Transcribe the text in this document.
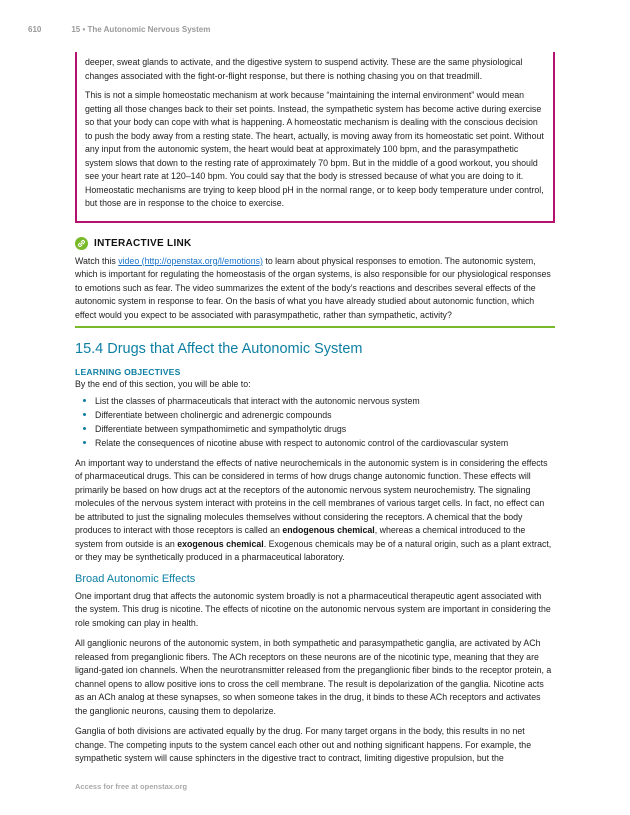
610	15 • The Autonomic Nervous System

deeper, sweat glands to activate, and the digestive system to suspend activity. These are the same physiological changes associated with the fight-or-flight response, but there is nothing chasing you on that treadmill.

This is not a simple homeostatic mechanism at work because “maintaining the internal environment” would mean getting all those changes back to their set points. Instead, the sympathetic system has become active during exercise so that your body can cope with what is happening. A homeostatic mechanism is dealing with the conscious decision to push the body away from a resting state. The heart, actually, is moving away from its homeostatic set point. Without any input from the autonomic system, the heart would beat at approximately 100 bpm, and the parasympathetic system slows that down to the resting rate of approximately 70 bpm. But in the middle of a good workout, you should see your heart rate at 120–140 bpm. You could say that the body is stressed because of what you are doing to it. Homeostatic mechanisms are trying to keep blood pH in the normal range, or to keep body temperature under control, but those are in response to the choice to exercise.

INTERACTIVE LINK

Watch this video (http://openstax.org/l/emotions) to learn about physical responses to emotion. The autonomic system, which is important for regulating the homeostasis of the organ systems, is also responsible for our physiological responses to emotions such as fear. The video summarizes the extent of the body’s reactions and describes several effects of the autonomic system in response to fear. On the basis of what you have already studied about autonomic function, which effect would you expect to be associated with parasympathetic, rather than sympathetic, activity?

15.4 Drugs that Affect the Autonomic System
LEARNING OBJECTIVES

By the end of this section, you will be able to:

List the classes of pharmaceuticals that interact with the autonomic nervous system
Differentiate between cholinergic and adrenergic compounds
Differentiate between sympathomimetic and sympatholytic drugs
Relate the consequences of nicotine abuse with respect to autonomic control of the cardiovascular system

An important way to understand the effects of native neurochemicals in the autonomic system is in considering the effects of pharmaceutical drugs. This can be considered in terms of how drugs change autonomic function. These effects will primarily be based on how drugs act at the receptors of the autonomic nervous system neurochemistry. The signaling molecules of the nervous system interact with proteins in the cell membranes of various target cells. In fact, no effect can be attributed to just the signaling molecules themselves without considering the receptors. A chemical that the body produces to interact with those receptors is called an endogenous chemical, whereas a chemical introduced to the system from outside is an exogenous chemical. Exogenous chemicals may be of a natural origin, such as a plant extract, or they may be synthetically produced in a pharmaceutical laboratory.

Broad Autonomic Effects

One important drug that affects the autonomic system broadly is not a pharmaceutical therapeutic agent associated with the system. This drug is nicotine. The effects of nicotine on the autonomic nervous system are important in considering the role smoking can play in health.

All ganglionic neurons of the autonomic system, in both sympathetic and parasympathetic ganglia, are activated by ACh released from preganglionic fibers. The ACh receptors on these neurons are of the nicotinic type, meaning that they are ligand-gated ion channels. When the neurotransmitter released from the preganglionic fiber binds to the receptor protein, a channel opens to allow positive ions to cross the cell membrane. The result is depolarization of the ganglia. Nicotine acts as an ACh analog at these synapses, so when someone takes in the drug, it binds to these ACh receptors and activates the ganglionic neurons, causing them to depolarize.

Ganglia of both divisions are activated equally by the drug. For many target organs in the body, this results in no net change. The competing inputs to the system cancel each other out and nothing significant happens. For example, the sympathetic system will cause sphincters in the digestive tract to contract, limiting digestive propulsion, but the

Access for free at openstax.org
